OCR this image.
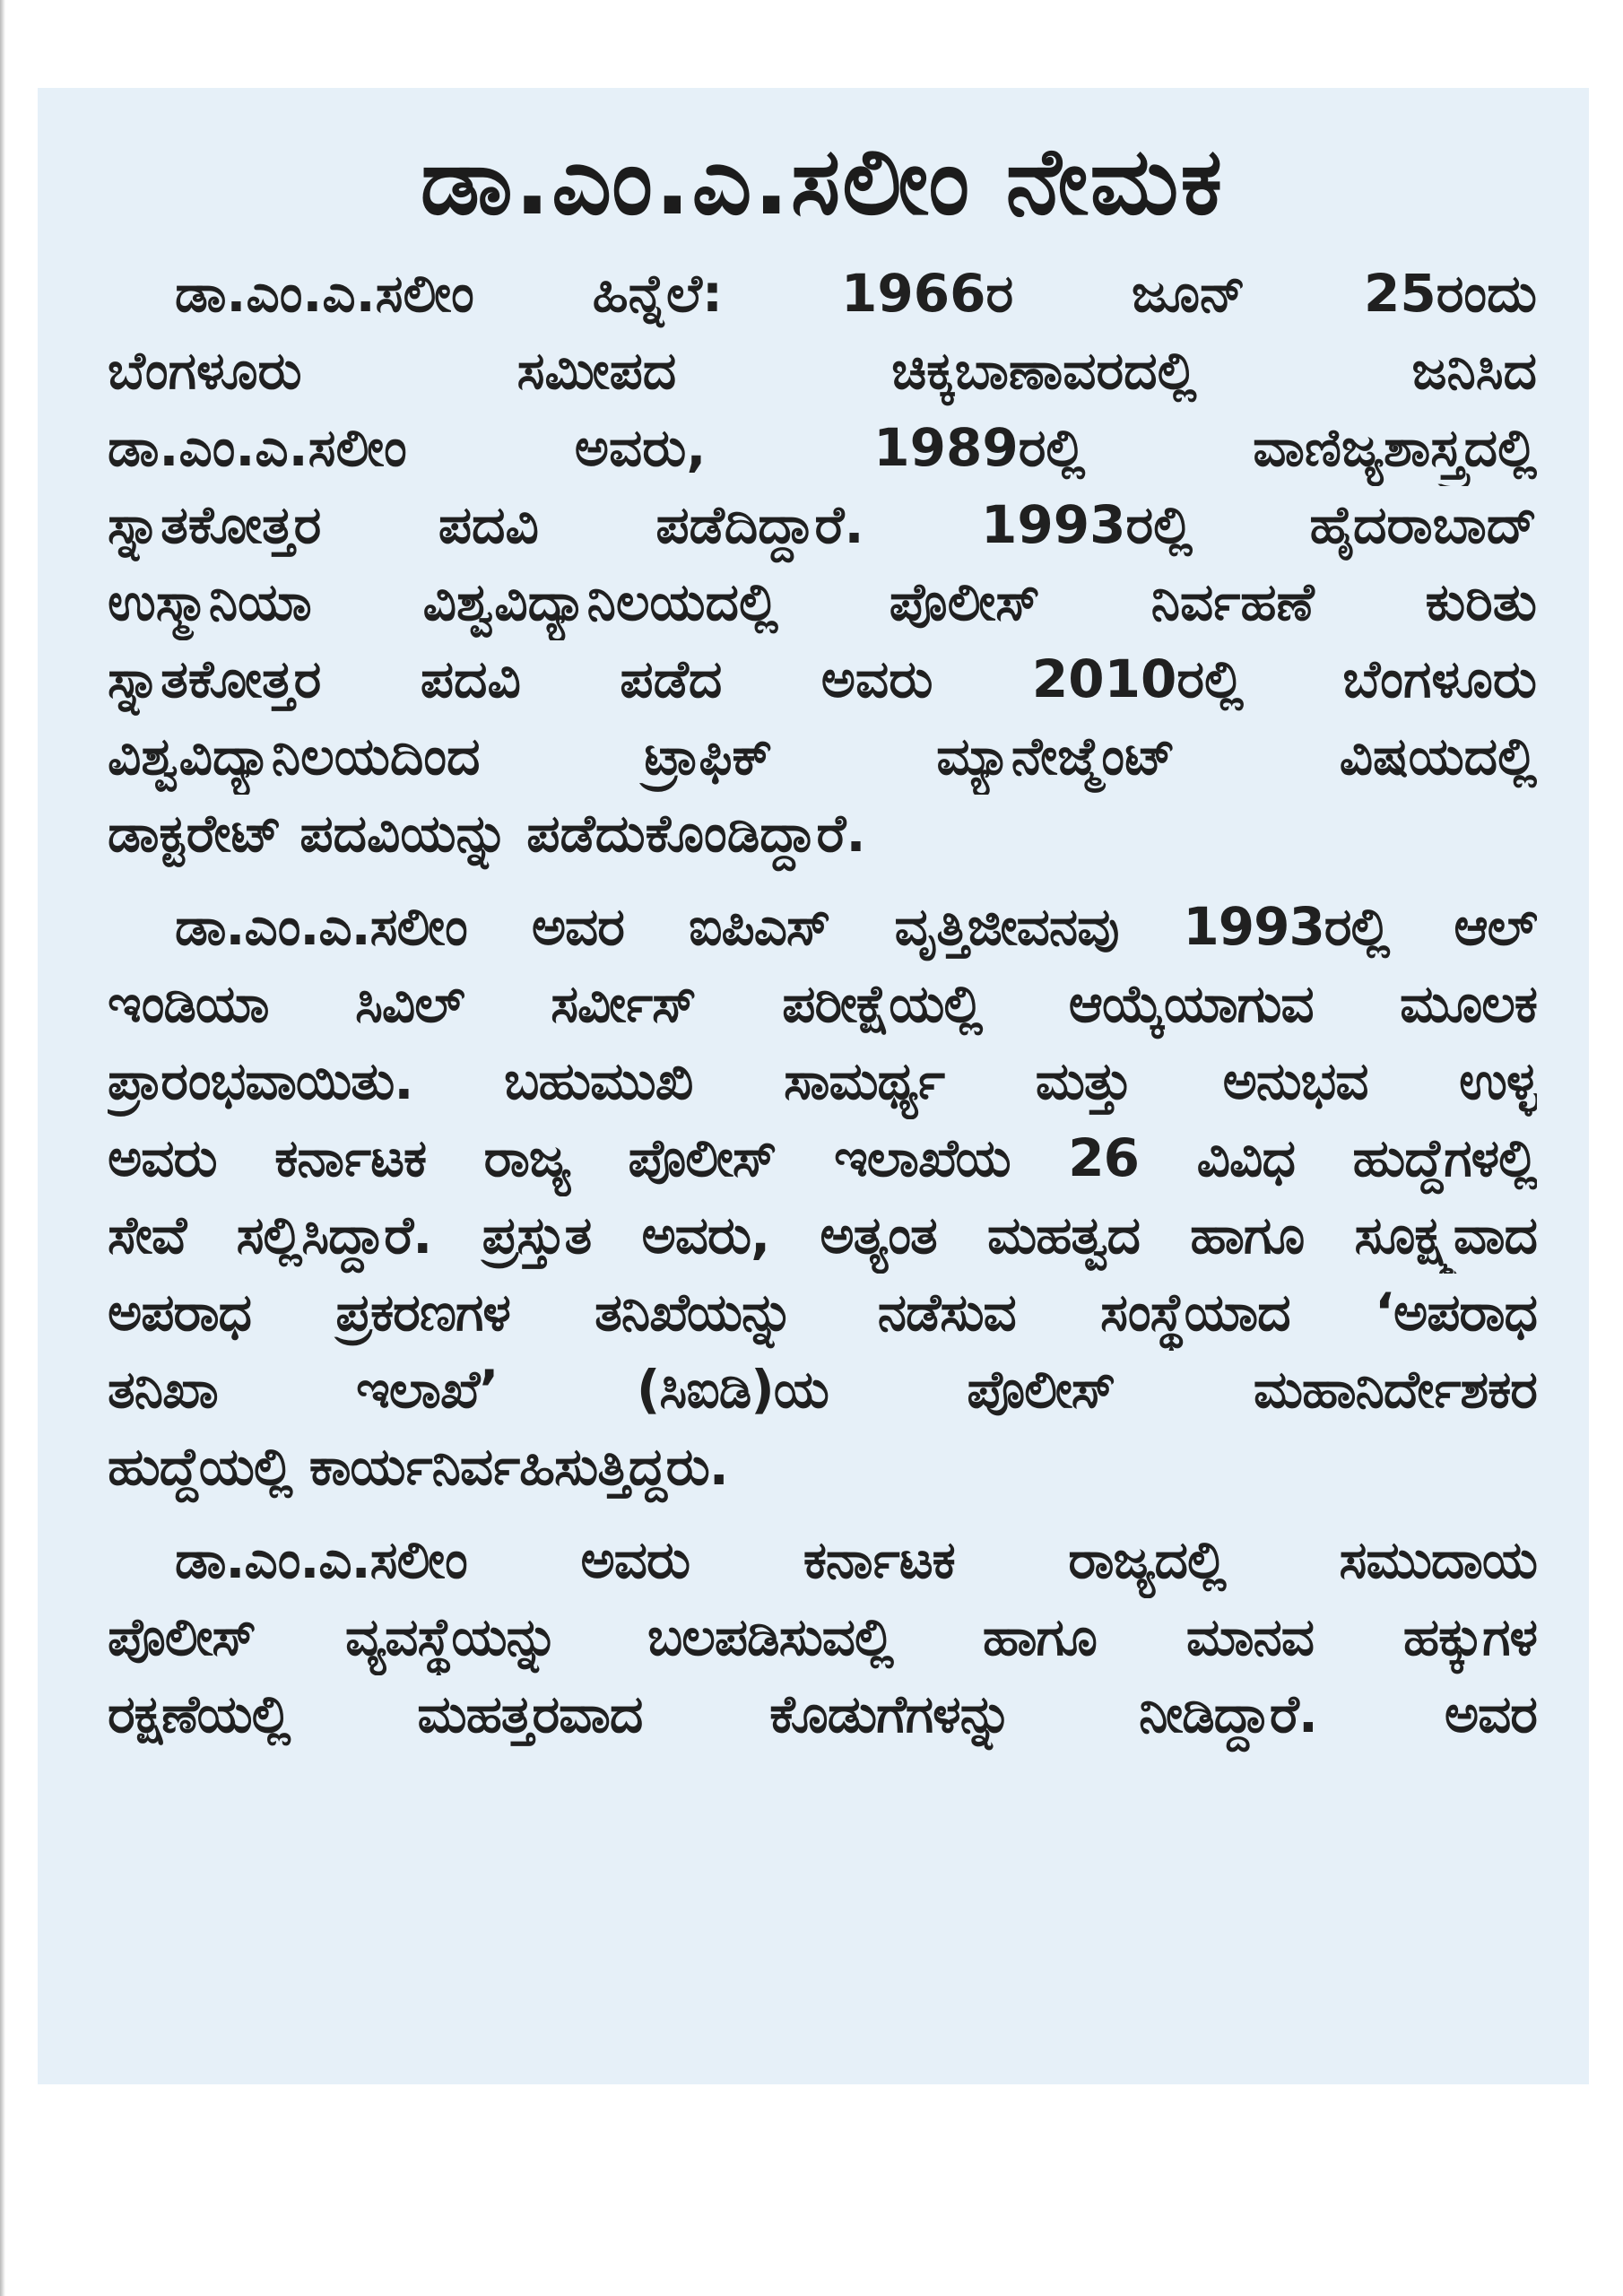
ಡಾ.ಎಂ.ಎ.ಸಲೀಂ ನೇಮಕ

ಡಾ.ಎಂ.ಎ.ಸಲೀಂ ಹಿನ್ನೆಲೆ: 1966ರ ಜೂನ್ 25ರಂದು
ಬೆಂಗಳೂರು ಸಮೀಪದ ಚಿಕ್ಕಬಾಣಾವರದಲ್ಲಿ ಜನಿಸಿದ
ಡಾ.ಎಂ.ಎ.ಸಲೀಂ ಅವರು, 1989ರಲ್ಲಿ ವಾಣಿಜ್ಯಶಾಸ್ತ್ರದಲ್ಲಿ
ಸ್ನಾತಕೋತ್ತರ ಪದವಿ ಪಡೆದಿದ್ದಾರೆ. 1993ರಲ್ಲಿ ಹೈದರಾಬಾದ್
ಉಸ್ಮಾನಿಯಾ ವಿಶ್ವವಿದ್ಯಾನಿಲಯದಲ್ಲಿ ಪೊಲೀಸ್ ನಿರ್ವಹಣೆ ಕುರಿತು
ಸ್ನಾತಕೋತ್ತರ ಪದವಿ ಪಡೆದ ಅವರು 2010ರಲ್ಲಿ ಬೆಂಗಳೂರು
ವಿಶ್ವವಿದ್ಯಾನಿಲಯದಿಂದ ಟ್ರಾಫಿಕ್ ಮ್ಯಾನೇಜ್ಮೆಂಟ್ ವಿಷಯದಲ್ಲಿ
ಡಾಕ್ಟರೇಟ್ ಪದವಿಯನ್ನು ಪಡೆದುಕೊಂಡಿದ್ದಾರೆ.

ಡಾ.ಎಂ.ಎ.ಸಲೀಂ ಅವರ ಐಪಿಎಸ್ ವೃತ್ತಿಜೀವನವು 1993ರಲ್ಲಿ ಆಲ್
ಇಂಡಿಯಾ ಸಿವಿಲ್ ಸರ್ವೀಸ್ ಪರೀಕ್ಷೆಯಲ್ಲಿ ಆಯ್ಕೆಯಾಗುವ ಮೂಲಕ
ಪ್ರಾರಂಭವಾಯಿತು. ಬಹುಮುಖಿ ಸಾಮರ್ಥ್ಯ ಮತ್ತು ಅನುಭವ ಉಳ್ಳ
ಅವರು ಕರ್ನಾಟಕ ರಾಜ್ಯ ಪೊಲೀಸ್ ಇಲಾಖೆಯ 26 ವಿವಿಧ ಹುದ್ದೆಗಳಲ್ಲಿ
ಸೇವೆ ಸಲ್ಲಿಸಿದ್ದಾರೆ. ಪ್ರಸ್ತುತ ಅವರು, ಅತ್ಯಂತ ಮಹತ್ವದ ಹಾಗೂ ಸೂಕ್ಷ್ಮವಾದ
ಅಪರಾಧ ಪ್ರಕರಣಗಳ ತನಿಖೆಯನ್ನು ನಡೆಸುವ ಸಂಸ್ಥೆಯಾದ ‘ಅಪರಾಧ
ತನಿಖಾ ಇಲಾಖೆ’ (ಸಿಐಡಿ)ಯ ಪೊಲೀಸ್ ಮಹಾನಿರ್ದೇಶಕರ
ಹುದ್ದೆಯಲ್ಲಿ ಕಾರ್ಯನಿರ್ವಹಿಸುತ್ತಿದ್ದರು.

ಡಾ.ಎಂ.ಎ.ಸಲೀಂ ಅವರು ಕರ್ನಾಟಕ ರಾಜ್ಯದಲ್ಲಿ ಸಮುದಾಯ
ಪೊಲೀಸ್ ವ್ಯವಸ್ಥೆಯನ್ನು ಬಲಪಡಿಸುವಲ್ಲಿ ಹಾಗೂ ಮಾನವ ಹಕ್ಕುಗಳ
ರಕ್ಷಣೆಯಲ್ಲಿ ಮಹತ್ತರವಾದ ಕೊಡುಗೆಗಳನ್ನು ನೀಡಿದ್ದಾರೆ. ಅವರ
